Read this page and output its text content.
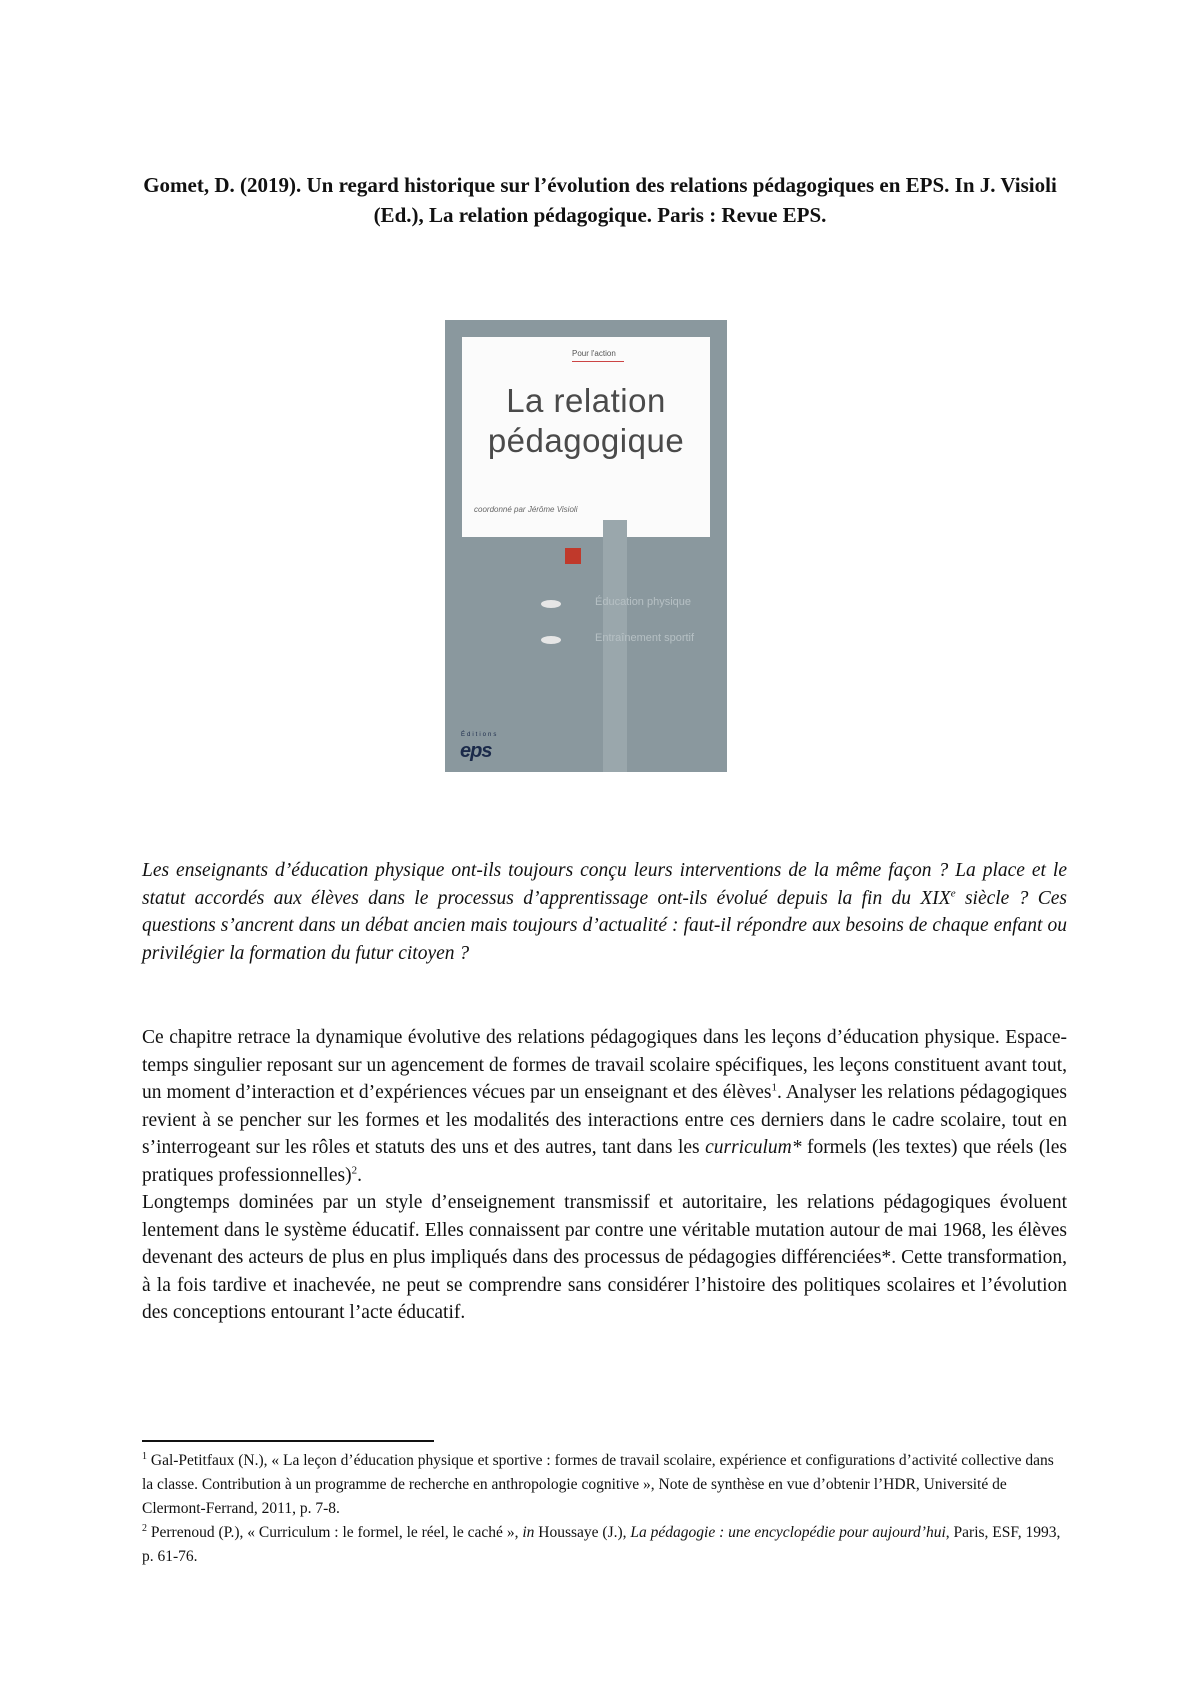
Gomet, D. (2019). Un regard historique sur l’évolution des relations pédagogiques en EPS. In J. Visioli (Ed.), La relation pédagogique. Paris : Revue EPS.
Pour l'action
La relation
pédagogique
coordonné par Jérôme Visioli
Éducation physique
Entraînement sportif
Éditions
eps
Les enseignants d’éducation physique ont-ils toujours conçu leurs interventions de la même façon ? La place et le statut accordés aux élèves dans le processus d’apprentissage ont-ils évolué depuis la fin du XIXe siècle ? Ces questions s’ancrent dans un débat ancien mais toujours d’actualité : faut-il répondre aux besoins de chaque enfant ou privilégier la formation du futur citoyen ?

Ce chapitre retrace la dynamique évolutive des relations pédagogiques dans les leçons d’éducation physique. Espace-temps singulier reposant sur un agencement de formes de travail scolaire spécifiques, les leçons constituent avant tout, un moment d’interaction et d’expériences vécues par un enseignant et des élèves$^1$. Analyser les relations pédagogiques revient à se pencher sur les formes et les modalités des interactions entre ces derniers dans le cadre scolaire, tout en s’interrogeant sur les rôles et statuts des uns et des autres, tant dans les curriculum* formels (les textes) que réels (les pratiques professionnelles)$^2$.

Longtemps dominées par un style d’enseignement transmissif et autoritaire, les relations pédagogiques évoluent lentement dans le système éducatif. Elles connaissent par contre une véritable mutation autour de mai 1968, les élèves devenant des acteurs de plus en plus impliqués dans des processus de pédagogies différenciées*. Cette transformation, à la fois tardive et inachevée, ne peut se comprendre sans considérer l’histoire des politiques scolaires et l’évolution des conceptions entourant l’acte éducatif.

$^1$ Gal-Petitfaux (N.), « La leçon d’éducation physique et sportive : formes de travail scolaire, expérience et configurations d’activité collective dans la classe. Contribution à un programme de recherche en anthropologie cognitive », Note de synthèse en vue d’obtenir l’HDR, Université de Clermont-Ferrand, 2011, p. 7-8.

$^2$ Perrenoud (P.), « Curriculum : le formel, le réel, le caché », in Houssaye (J.), La pédagogie : une encyclopédie pour aujourd’hui, Paris, ESF, 1993, p. 61-76.
